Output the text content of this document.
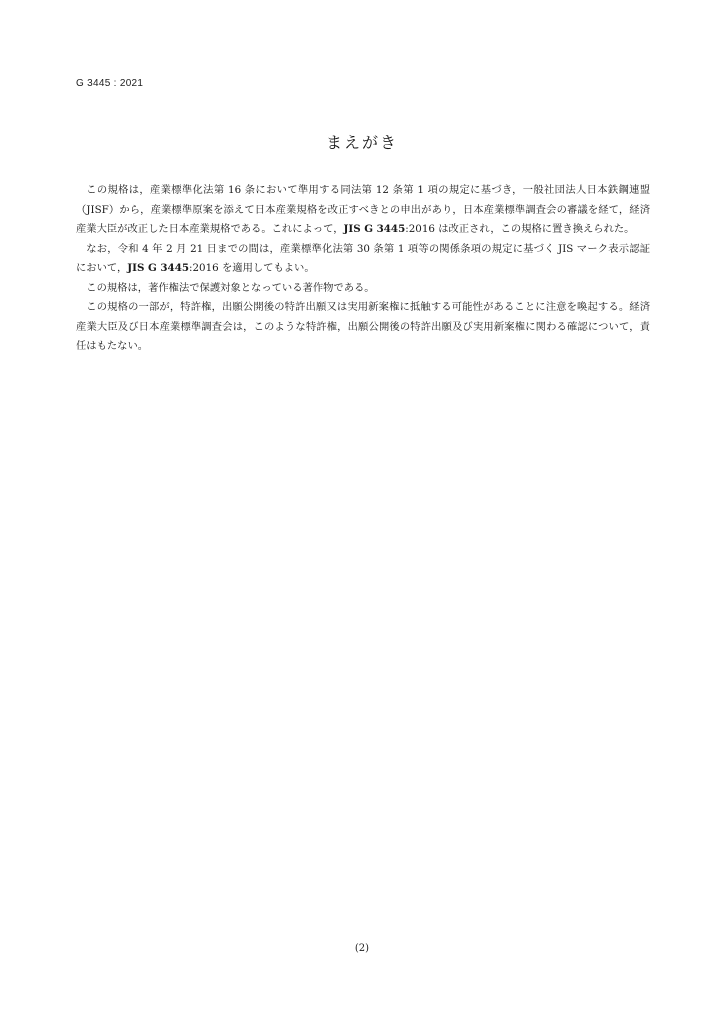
G 3445 : 2021
まえがき

この規格は，産業標準化法第 16 条において準用する同法第 12 条第 1 項の規定に基づき，一般社団法人日本鉄鋼連盟（JISF）から，産業標準原案を添えて日本産業規格を改正すべきとの申出があり，日本産業標準調査会の審議を経て，経済産業大臣が改正した日本産業規格である。これによって，JIS G 3445:2016 は改正され，この規格に置き換えられた。

なお，令和 4 年 2 月 21 日までの間は，産業標準化法第 30 条第 1 項等の関係条項の規定に基づく JIS マーク表示認証において，JIS G 3445:2016 を適用してもよい。

この規格は，著作権法で保護対象となっている著作物である。

この規格の一部が，特許権，出願公開後の特許出願又は実用新案権に抵触する可能性があることに注意を喚起する。経済産業大臣及び日本産業標準調査会は，このような特許権，出願公開後の特許出願及び実用新案権に関わる確認について，責任はもたない。

(2)
